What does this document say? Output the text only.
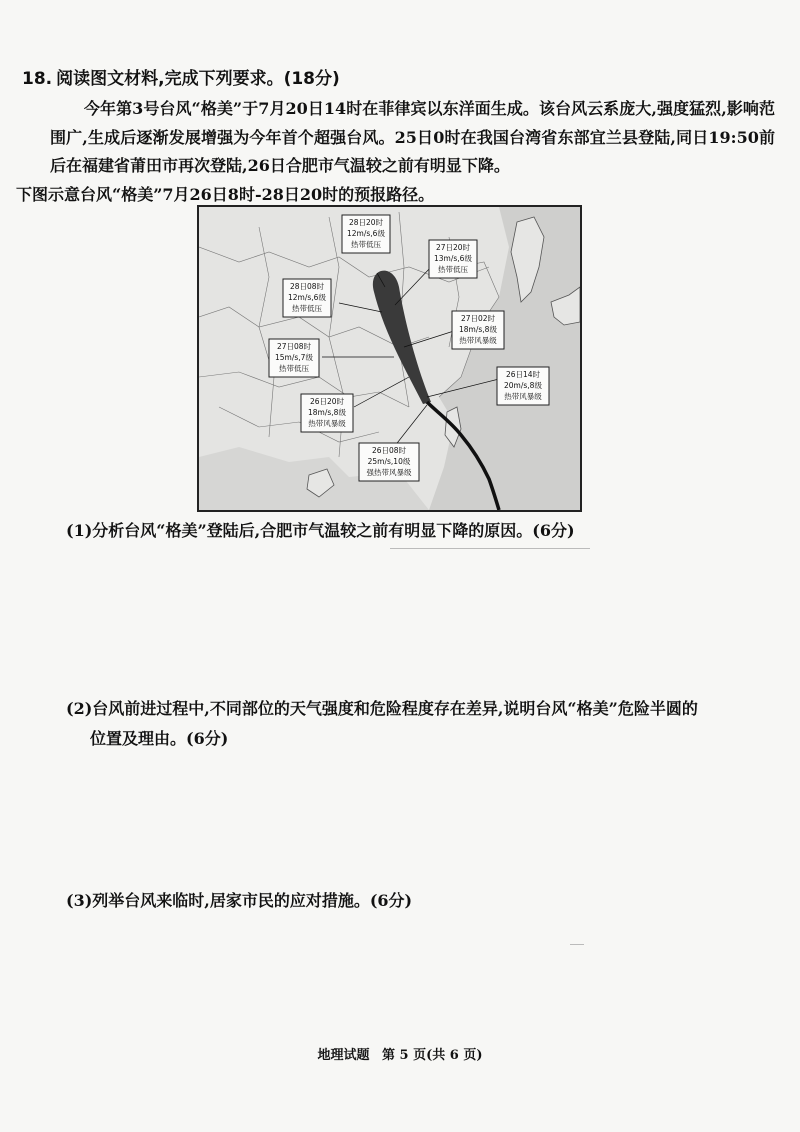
18. 阅读图文材料,完成下列要求。(18分)

今年第3号台风“格美”于7月20日14时在菲律宾以东洋面生成。该台风云系庞大,强度猛烈,影响范围广,生成后逐渐发展增强为今年首个超强台风。25日0时在我国台湾省东部宜兰县登陆,同日19:50前后在福建省莆田市再次登陆,26日合肥市气温较之前有明显下降。

下图示意台风“格美”7月26日8时-28日20时的预报路径。

28日20时
12m/s,6级
热带低压	27日20时
13m/s,6级
热带低压
28日08时
12m/s,6级
热带低压
27日02时
18m/s,8级
热带风暴级
27日08时
15m/s,7级
热带低压
26日14时
20m/s,8级
热带风暴级
26日20时
18m/s,8级
热带风暴级
26日08时
25m/s,10级
强热带风暴级
(1)分析台风“格美”登陆后,合肥市气温较之前有明显下降的原因。(6分)
(2)台风前进过程中,不同部位的天气强度和危险程度存在差异,说明台风“格美”危险半圆的
位置及理由。(6分)
(3)列举台风来临时,居家市民的应对措施。(6分)
地理试题 第 5 页(共 6 页)
